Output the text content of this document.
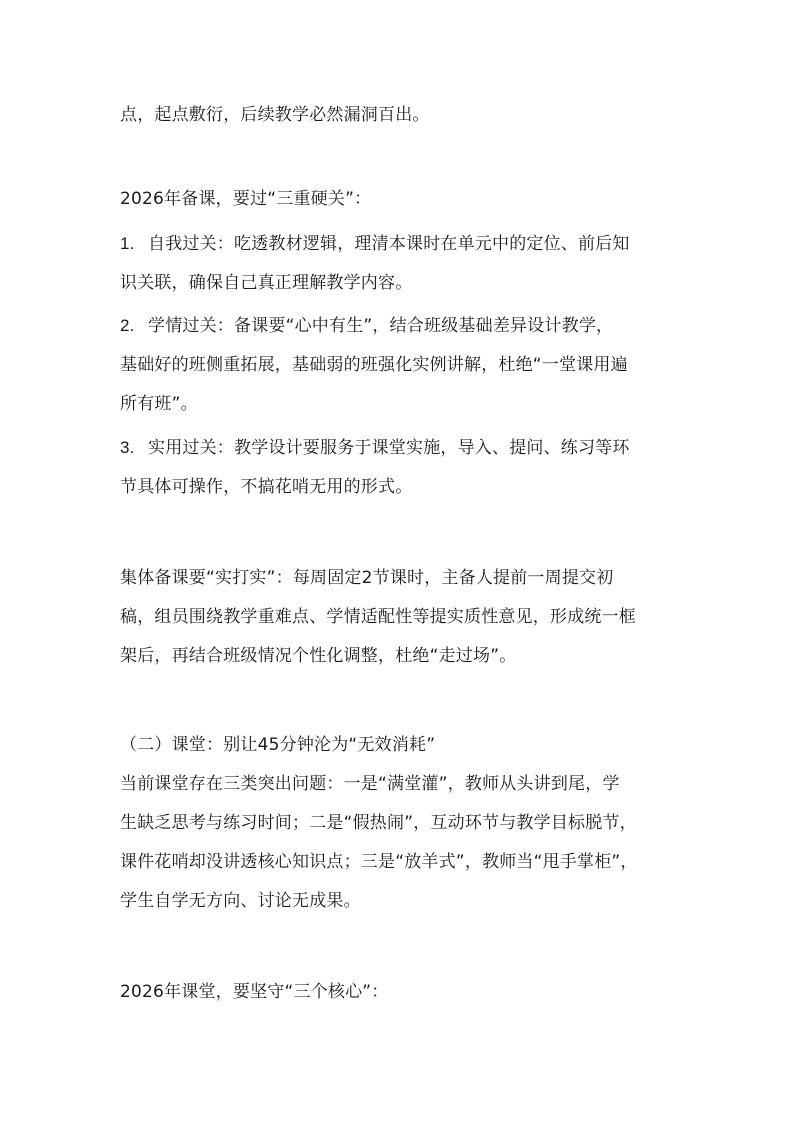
点，起点敷衍，后续教学必然漏洞百出。
2026年备课，要过“三重硬关”：
1. 自我过关：吃透教材逻辑，理清本课时在单元中的定位、前后知
识关联，确保自己真正理解教学内容。
2. 学情过关：备课要“心中有生”，结合班级基础差异设计教学，
基础好的班侧重拓展，基础弱的班强化实例讲解，杜绝“一堂课用遍
所有班”。
3. 实用过关：教学设计要服务于课堂实施，导入、提问、练习等环
节具体可操作，不搞花哨无用的形式。
集体备课要“实打实”：每周固定2节课时，主备人提前一周提交初
稿，组员围绕教学重难点、学情适配性等提实质性意见，形成统一框
架后，再结合班级情况个性化调整，杜绝“走过场”。
（二）课堂：别让45分钟沦为“无效消耗”
当前课堂存在三类突出问题：一是“满堂灌”，教师从头讲到尾，学
生缺乏思考与练习时间；二是“假热闹”，互动环节与教学目标脱节，
课件花哨却没讲透核心知识点；三是“放羊式”，教师当“甩手掌柜”，
学生自学无方向、讨论无成果。
2026年课堂，要坚守“三个核心”：
